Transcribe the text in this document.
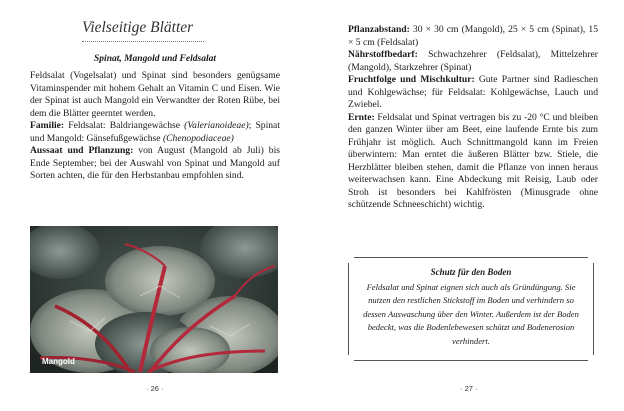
Vielseitige Blätter
Spinat, Mangold und Feldsalat

Feldsalat (Vogelsalat) und Spinat sind besonders genügsame Vitaminspender mit hohem Gehalt an Vitamin C und Eisen. Wie der Spinat ist auch Mangold ein Verwandter der Roten Rübe, bei dem die Blätter geerntet werden.

Familie: Feldsalat: Baldriangewächse (Valerianoideae); Spinat und Mangold: Gänsefußgewächse (Chenopodiaceae)

Aussaat und Pflanzung: von August (Mangold ab Juli) bis Ende September; bei der Auswahl von Spinat und Mangold auf Sorten achten, die für den Herbstanbau empfohlen sind.

Mangold
· 26 ·

Pflanzabstand: 30 × 30 cm (Mangold), 25 × 5 cm (Spinat), 15 × 5 cm (Feldsalat)

Nährstoffbedarf: Schwachzehrer (Feldsalat), Mittelzehrer (Mangold), Starkzehrer (Spinat)

Fruchtfolge und Mischkultur: Gute Partner sind Radieschen und Kohlgewächse; für Feldsalat: Kohlgewächse, Lauch und Zwiebel.

Ernte: Feldsalat und Spinat vertragen bis zu -20 °C und bleiben den ganzen Winter über am Beet, eine laufende Ernte bis zum Frühjahr ist möglich. Auch Schnittmangold kann im Freien überwintern: Man erntet die äußeren Blätter bzw. Stiele, die Herzblätter bleiben stehen, damit die Pflanze von innen heraus weiterwachsen kann. Eine Abdeckung mit Reisig, Laub oder Stroh ist besonders bei Kahlfrösten (Minusgrade ohne schützende Schneeschicht) wichtig.

Schutz für den Boden
Feldsalat und Spinat eignen sich auch als Gründüngung. Sie nutzen den restlichen Stickstoff im Boden und verhindern so dessen Auswaschung über den Winter. Außerdem ist der Boden bedeckt, was die Bodenlebewesen schützt und Bodenerosion verhindert.
· 27 ·
